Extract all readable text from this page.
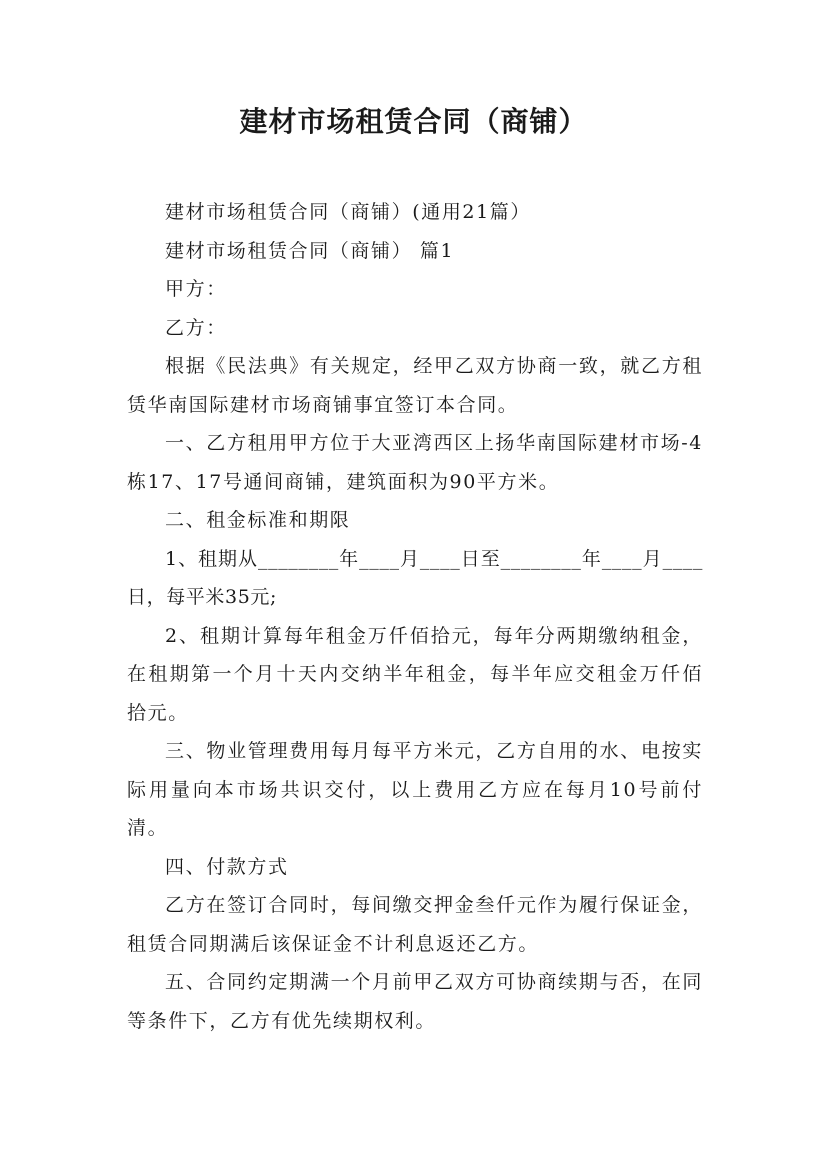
建材市场租赁合同（商铺）

建材市场租赁合同（商铺）(通用21篇）

建材市场租赁合同（商铺） 篇1

甲方：

乙方：

根据《民法典》有关规定，经甲乙双方协商一致，就乙方租赁华南国际建材市场商铺事宜签订本合同。

一、乙方租用甲方位于大亚湾西区上扬华南国际建材市场-4栋17、17号通间商铺，建筑面积为90平方米。

二、租金标准和期限

1、租期从________年____月____日至________年____月____日，每平米35元;

2、租期计算每年租金万仟佰拾元，每年分两期缴纳租金，在租期第一个月十天内交纳半年租金，每半年应交租金万仟佰拾元。

三、物业管理费用每月每平方米元，乙方自用的水、电按实际用量向本市场共识交付，以上费用乙方应在每月10号前付清。

四、付款方式

乙方在签订合同时，每间缴交押金叁仟元作为履行保证金，租赁合同期满后该保证金不计利息返还乙方。

五、合同约定期满一个月前甲乙双方可协商续期与否，在同等条件下，乙方有优先续期权利。
